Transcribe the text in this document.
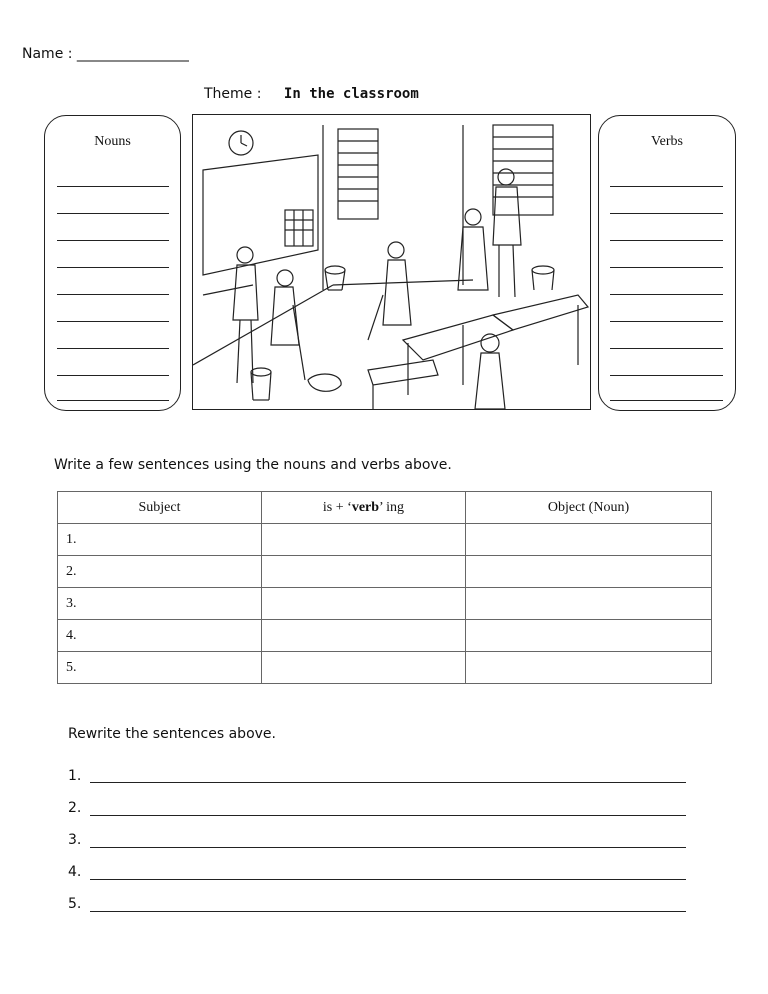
Name : ________________
Theme : In the classroom
Nouns	Verbs
Write a few sentences using the nouns and verbs above.
Subject	is + ‘verb’ ing	Object (Noun)
1.		
2.		
3.		
4.		
5.		
Rewrite the sentences above.
1.
2.
3.
4.
5.
